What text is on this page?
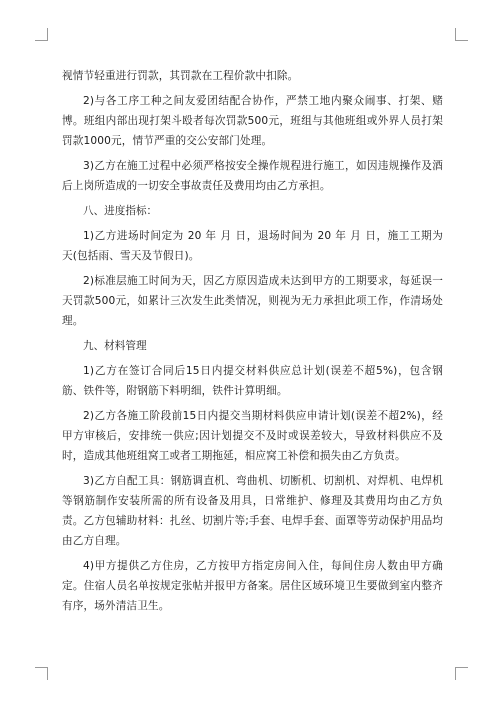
视情节轻重进行罚款，其罚款在工程价款中扣除。

2)与各工序工种之间友爱团结配合协作，严禁工地内聚众闹事、打架、赌博。班组内部出现打架斗殴者每次罚款500元，班组与其他班组或外界人员打架罚款1000元，情节严重的交公安部门处理。

3)乙方在施工过程中必须严格按安全操作规程进行施工，如因违规操作及酒后上岗所造成的一切安全事故责任及费用均由乙方承担。

八、进度指标：

1)乙方进场时间定为 20 年 月 日，退场时间为 20 年 月 日，施工工期为 天(包括雨、雪天及节假日)。

2)标准层施工时间为天，因乙方原因造成未达到甲方的工期要求，每延误一天罚款500元，如累计三次发生此类情况，则视为无力承担此项工作，作清场处理。

九、材料管理

1)乙方在签订合同后15日内提交材料供应总计划(误差不超5%)，包含钢筋、铁件等，附钢筋下料明细，铁件计算明细。

2)乙方各施工阶段前15日内提交当期材料供应申请计划(误差不超2%)，经甲方审核后，安排统一供应;因计划提交不及时或误差较大，导致材料供应不及时，造成其他班组窝工或者工期拖延，相应窝工补偿和损失由乙方负责。

3)乙方自配工具：钢筋调直机、弯曲机、切断机、切割机、对焊机、电焊机等钢筋制作安装所需的所有设备及用具，日常维护、修理及其费用均由乙方负责。乙方包辅助材料：扎丝、切割片等;手套、电焊手套、面罩等劳动保护用品均由乙方自理。

4)甲方提供乙方住房，乙方按甲方指定房间入住，每间住房人数由甲方确定。住宿人员名单按规定张帖并报甲方备案。居住区域环境卫生要做到室内整齐有序，场外清洁卫生。
